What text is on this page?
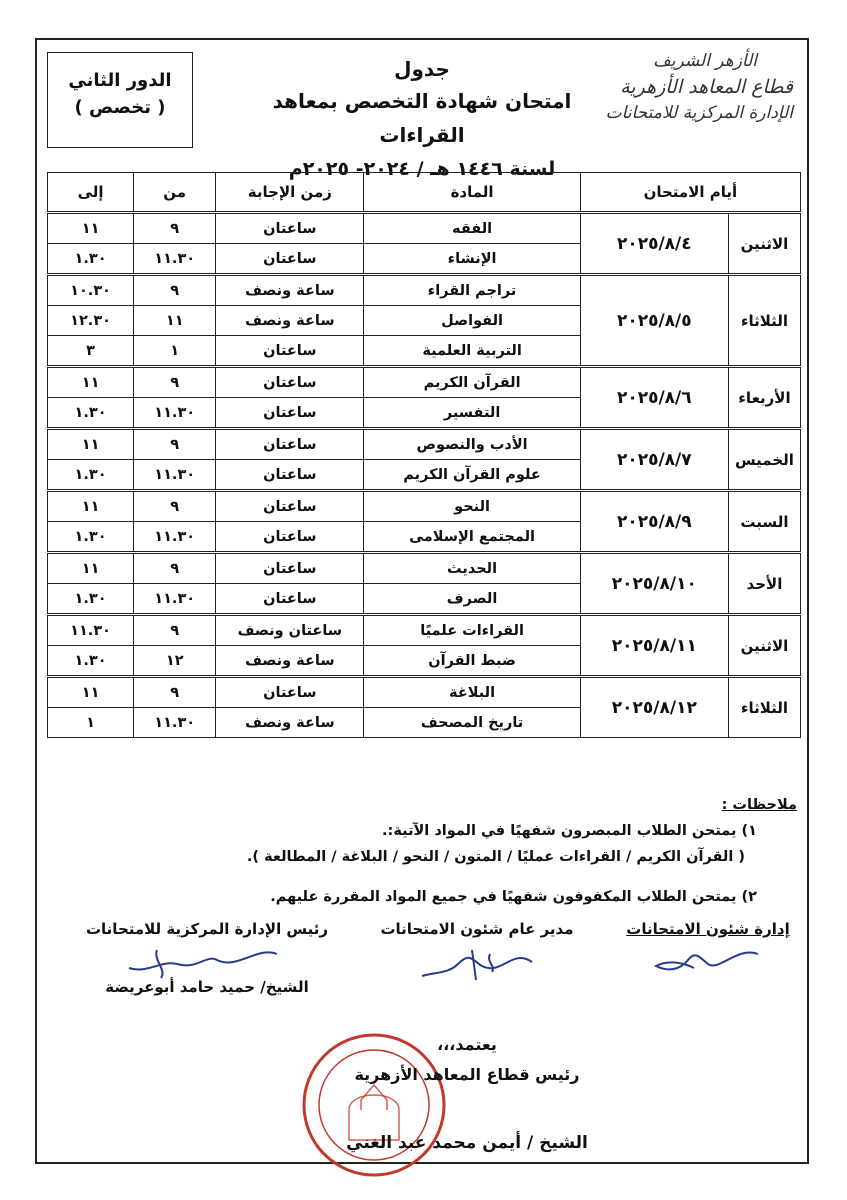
الأزهر الشريف
قطاع المعاهد الأزهرية
الإدارة المركزية للامتحانات
جدول
امتحان شهادة التخصص بمعاهد القراءات
لسنة ١٤٤٦ هـ / ٢٠٢٤- ٢٠٢٥م
الدور الثاني
( تخصص )
أيام الامتحان		المادة	زمن الإجابة	من	إلى
الاثنين	٢٠٢٥/٨/٤	الفقه	ساعتان	٩	١١
		الإنشاء	ساعتان	١١.٣٠	١.٣٠
الثلاثاء	٢٠٢٥/٨/٥	تراجم القراء	ساعة ونصف	٩	١٠.٣٠
		الفواصل	ساعة ونصف	١١	١٢.٣٠
		التربية العلمية	ساعتان	١	٣
الأربعاء	٢٠٢٥/٨/٦	القرآن الكريم	ساعتان	٩	١١
		التفسير	ساعتان	١١.٣٠	١.٣٠
الخميس	٢٠٢٥/٨/٧	الأدب والنصوص	ساعتان	٩	١١
		علوم القرآن الكريم	ساعتان	١١.٣٠	١.٣٠
السبت	٢٠٢٥/٨/٩	النحو	ساعتان	٩	١١
		المجتمع الإسلامى	ساعتان	١١.٣٠	١.٣٠
الأحد	٢٠٢٥/٨/١٠	الحديث	ساعتان	٩	١١
		الصرف	ساعتان	١١.٣٠	١.٣٠
الاثنين	٢٠٢٥/٨/١١	القراءات علميًا	ساعتان ونصف	٩	١١.٣٠
		ضبط القرآن	ساعة ونصف	١٢	١.٣٠
الثلاثاء	٢٠٢٥/٨/١٢	البلاغة	ساعتان	٩	١١
		تاريخ المصحف	ساعة ونصف	١١.٣٠	١
ملاحظات :
١) يمتحن الطلاب المبصرون شفهيًا في المواد الآتية:.
( القرآن الكريم / القراءات عمليًا / المتون / النحو / البلاغة / المطالعة ).
٢) يمتحن الطلاب المكفوفون شفهيًا في جميع المواد المقررة عليهم.
إدارة شئون الامتحانات
مدير عام شئون الامتحانات
رئيس الإدارة المركزية للامتحانات
الشيخ/ حميد حامد أبوعريضة
يعتمد،،،
رئيس قطاع المعاهد الأزهرية
الشيخ / أيمن محمد عبد الغني
